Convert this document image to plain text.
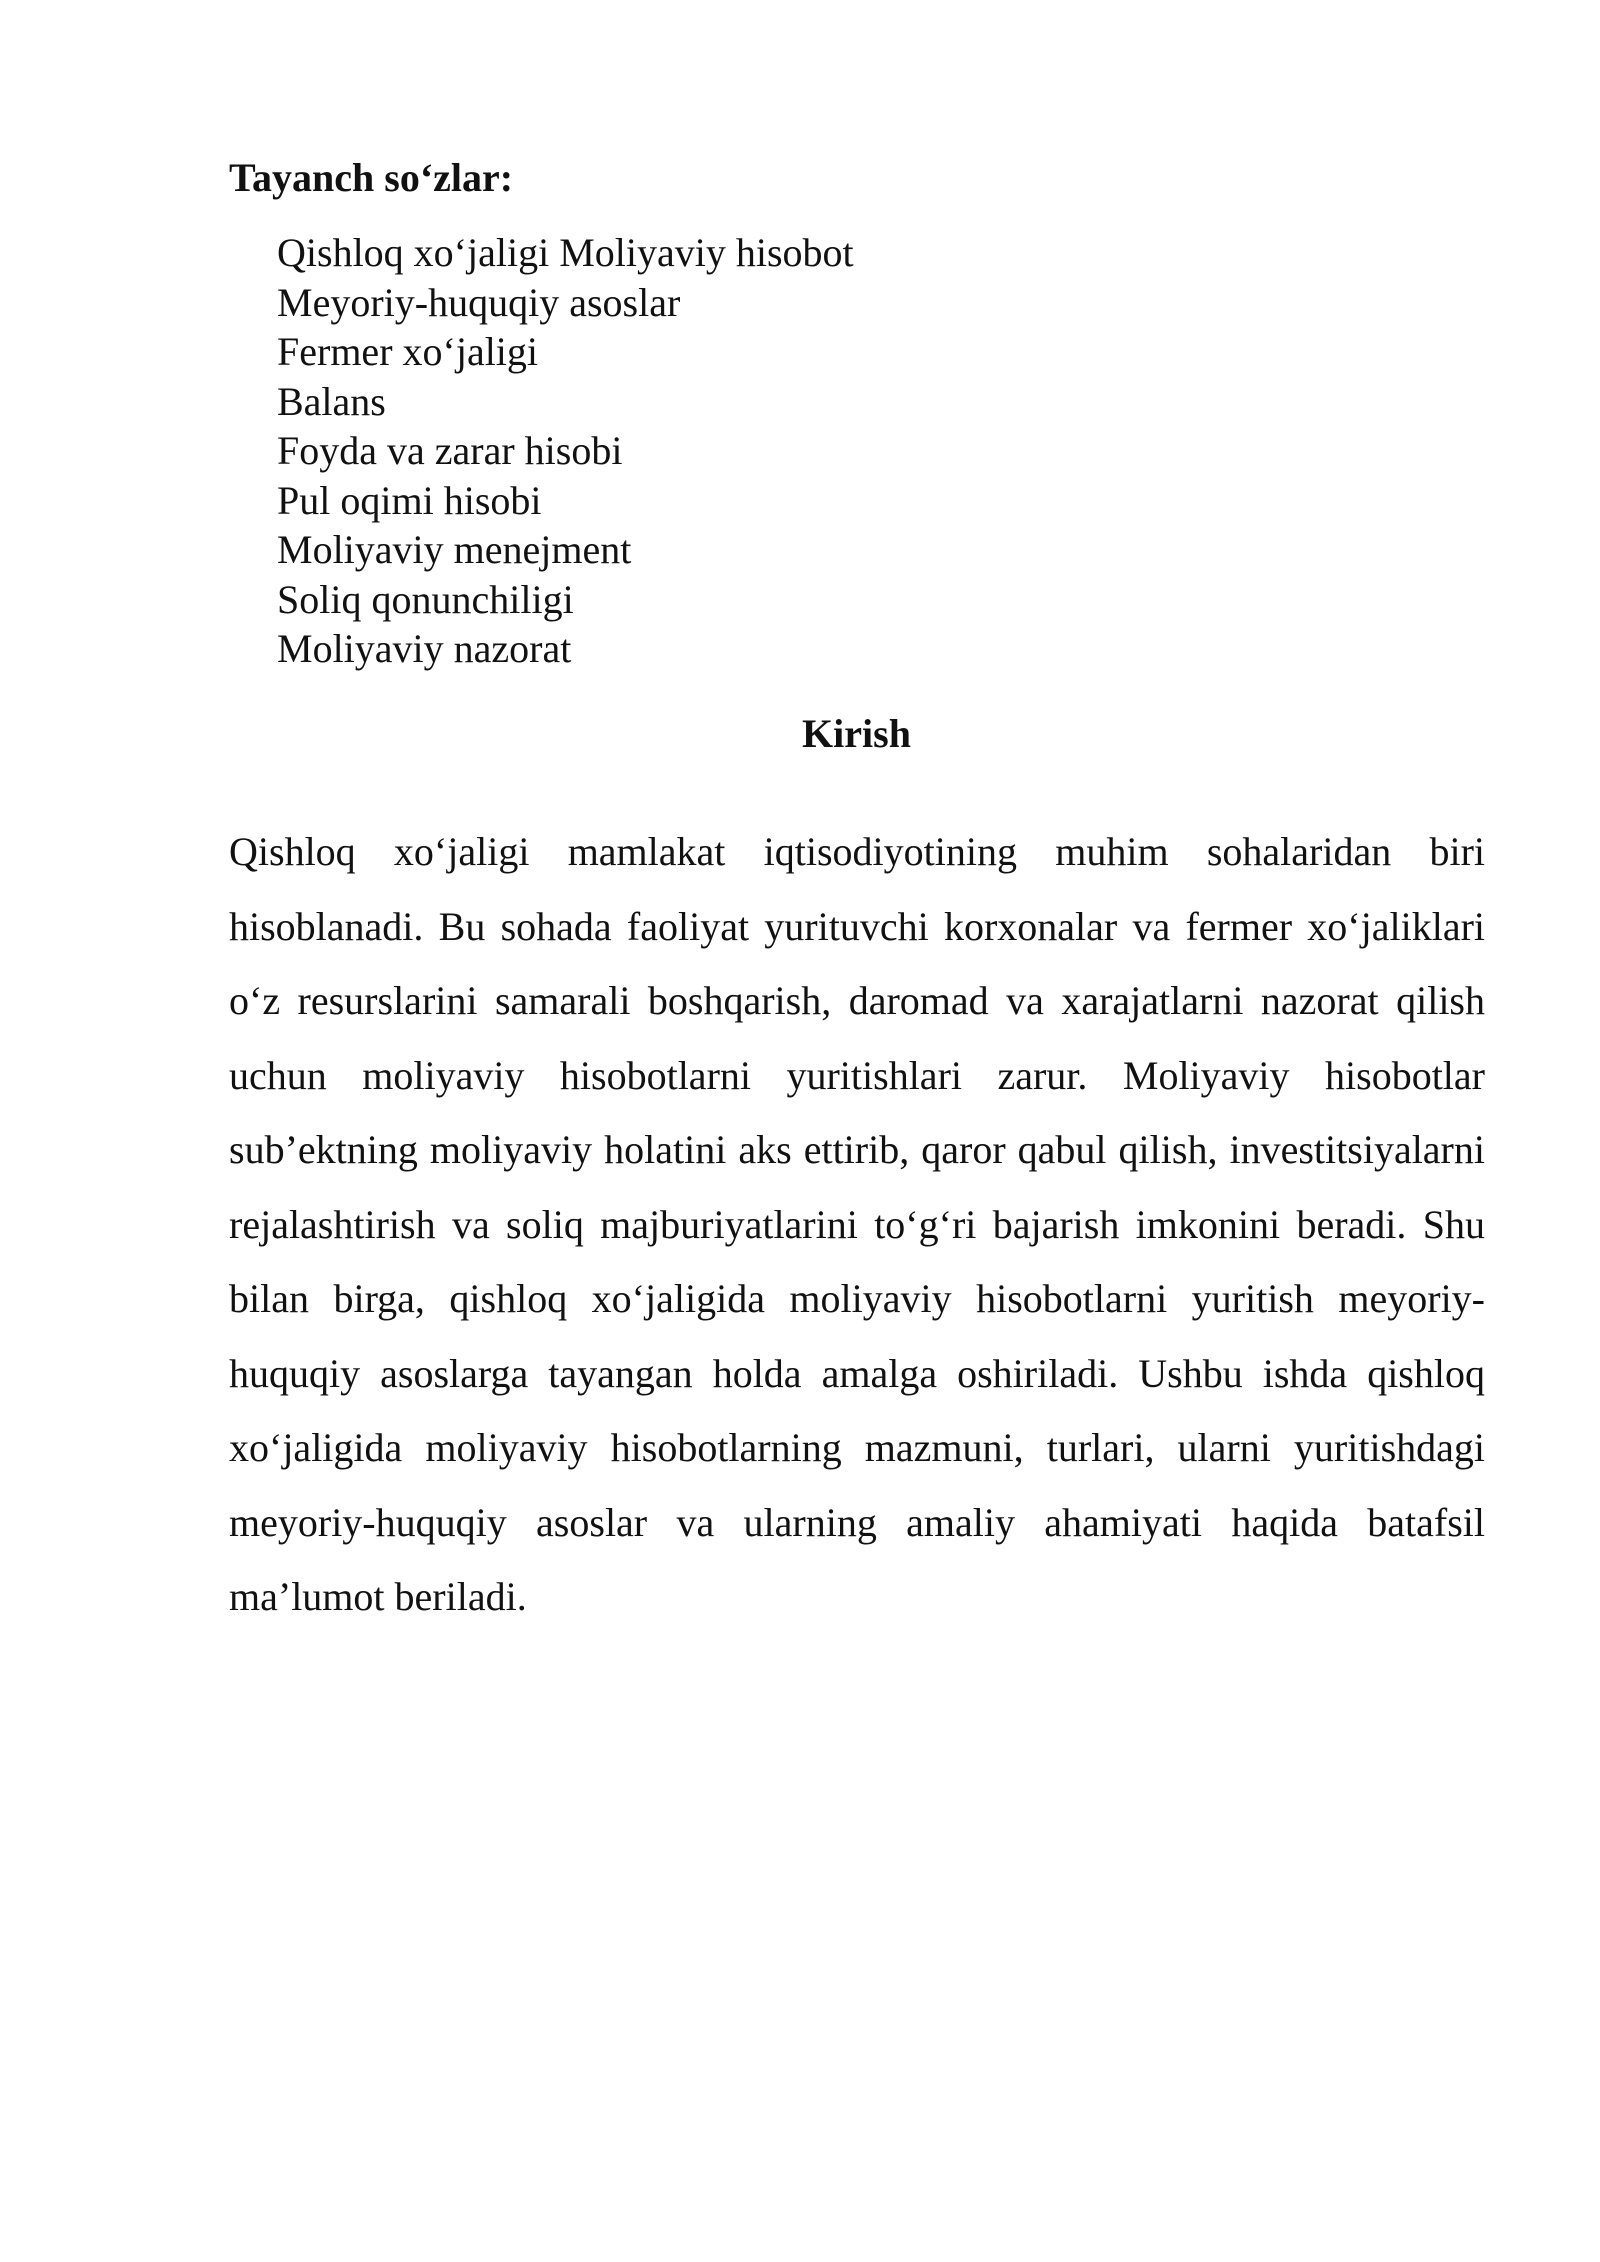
Tayanch so‘zlar:
Qishloq xo‘jaligi Moliyaviy hisobot
Meyoriy-huquqiy asoslar
Fermer xo‘jaligi
Balans
Foyda va zarar hisobi
Pul oqimi hisobi
Moliyaviy menejment
Soliq qonunchiligi
Moliyaviy nazorat
Kirish

Qishloq xo‘jaligi mamlakat iqtisodiyotining muhim sohalaridan biri hisoblanadi. Bu sohada faoliyat yurituvchi korxonalar va fermer xo‘jaliklari o‘z resurslarini samarali boshqarish, daromad va xarajatlarni nazorat qilish uchun moliyaviy hisobotlarni yuritishlari zarur. Moliyaviy hisobotlar sub’ektning moliyaviy holatini aks ettirib, qaror qabul qilish, investitsiyalarni rejalashtirish va soliq majburiyatlarini to‘g‘ri bajarish imkonini beradi. Shu bilan birga, qishloq xo‘jaligida moliyaviy hisobotlarni yuritish meyoriy-huquqiy asoslarga tayangan holda amalga oshiriladi. Ushbu ishda qishloq xo‘jaligida moliyaviy hisobotlarning mazmuni, turlari, ularni yuritishdagi meyoriy-huquqiy asoslar va ularning amaliy ahamiyati haqida batafsil ma’lumot beriladi.
